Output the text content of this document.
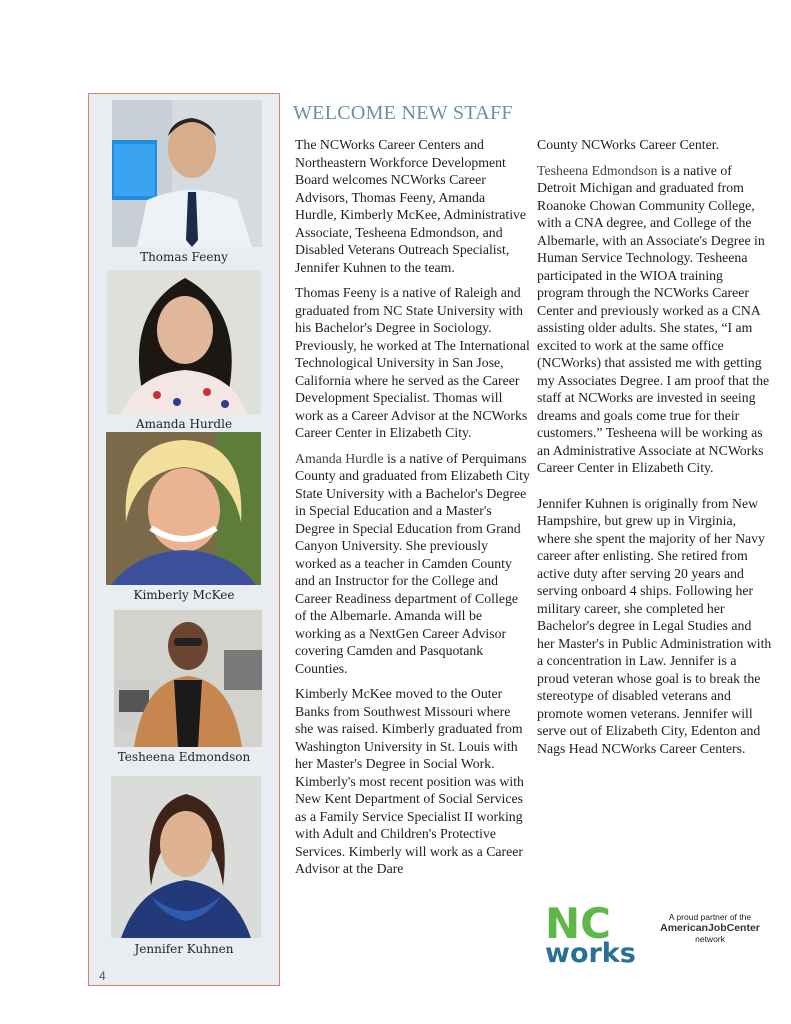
Thomas Feeny
Amanda Hurdle
Kimberly McKee
Tesheena Edmondson
Jennifer Kuhnen
4
WELCOME NEW STAFF

The NCWorks Career Centers and Northeastern Workforce Development Board welcomes NCWorks Career Advisors, Thomas Feeny, Amanda Hurdle, Kimberly McKee, Administrative Associate, Tesheena Edmondson, and Disabled Veterans Outreach Specialist, Jennifer Kuhnen to the team.

Thomas Feeny is a native of Raleigh and graduated from NC State University with his Bachelor's Degree in Sociology. Previously, he worked at The International Technological University in San Jose, California where he served as the Career Development Specialist. Thomas will work as a Career Advisor at the NCWorks Career Center in Elizabeth City.

Amanda Hurdle is a native of Perquimans County and graduated from Elizabeth City State University with a Bachelor's Degree in Special Education and a Master's Degree in Special Education from Grand Canyon University. She previously worked as a teacher in Camden County and an Instructor for the College and Career Readiness department of College of the Albemarle. Amanda will be working as a NextGen Career Advisor covering Camden and Pasquotank Counties.

Kimberly McKee moved to the Outer Banks from Southwest Missouri where she was raised. Kimberly graduated from Washington University in St. Louis with her Master's Degree in Social Work. Kimberly's most recent position was with New Kent Department of Social Services as a Family Service Specialist II working with Adult and Children's Protective Services. Kimberly will work as a Career Advisor at the Dare

County NCWorks Career Center.

Tesheena Edmondson is a native of Detroit Michigan and graduated from Roanoke Chowan Community College, with a CNA degree, and College of the Albemarle, with an Associate's Degree in Human Service Technology. Tesheena participated in the WIOA training program through the NCWorks Career Center and previously worked as a CNA assisting older adults. She states, “I am excited to work at the same office (NCWorks) that assisted me with getting my Associates Degree. I am proof that the staff at NCWorks are invested in seeing dreams and goals come true for their customers.” Tesheena will be working as an Administrative Associate at NCWorks Career Center in Elizabeth City.

Jennifer Kuhnen is originally from New Hampshire, but grew up in Virginia, where she spent the majority of her Navy career after enlisting. She retired from active duty after serving 20 years and serving onboard 4 ships. Following her military career, she completed her Bachelor's degree in Legal Studies and her Master's in Public Administration with a concentration in Law. Jennifer is a proud veteran whose goal is to break the stereotype of disabled veterans and promote women veterans. Jennifer will serve out of Elizabeth City, Edenton and Nags Head NCWorks Career Centers.

NC
works
A proud partner of the
AmericanJobCenter
network
